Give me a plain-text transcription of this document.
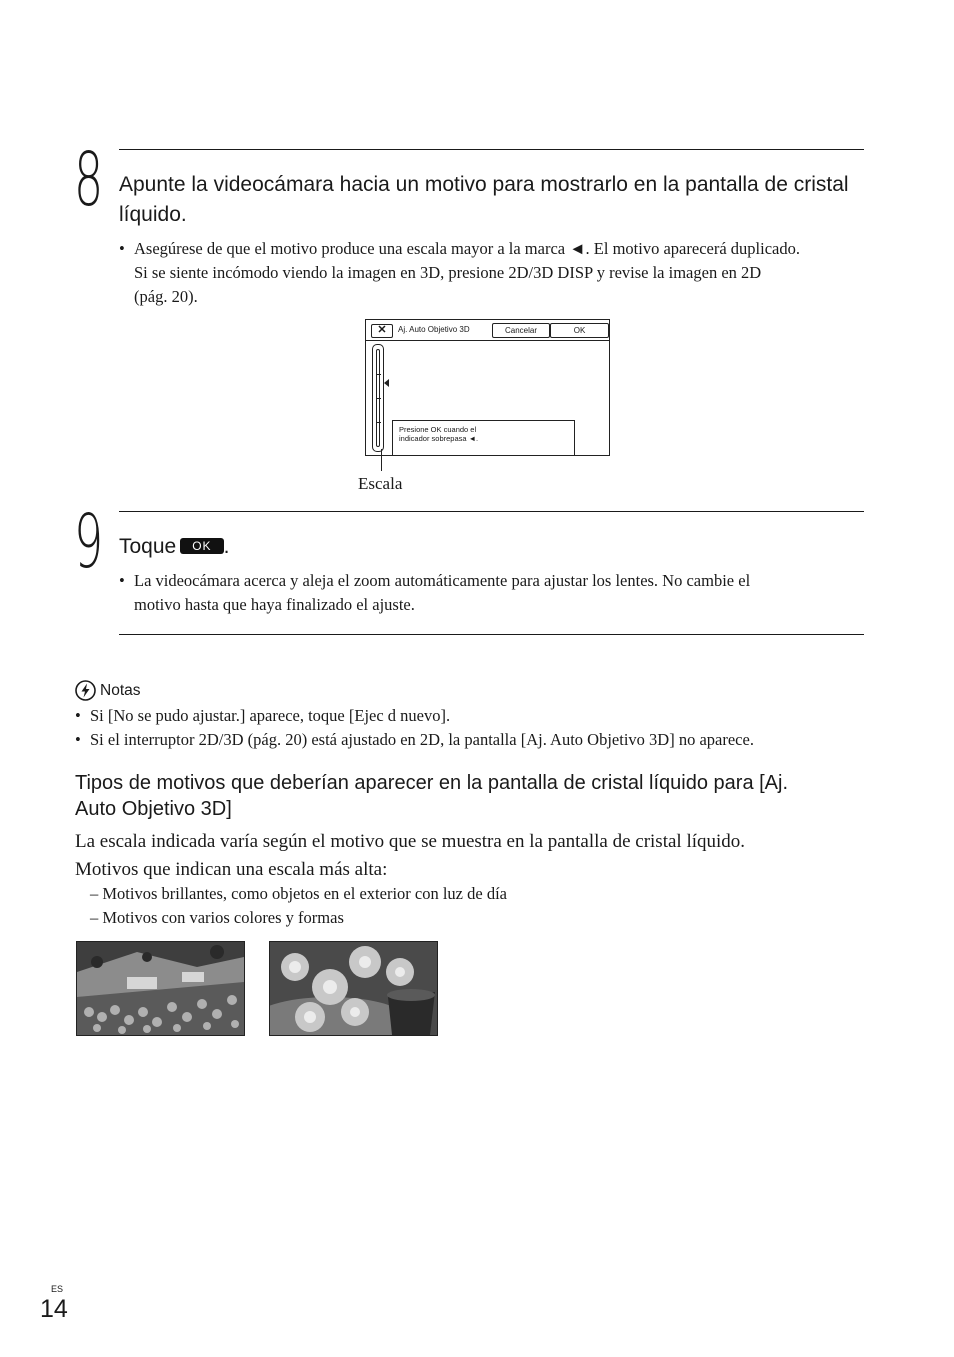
8 Apunte la videocámara hacia un motivo para mostrarlo en la pantalla de cristal líquido.
• Asegúrese de que el motivo produce una escala mayor a la marca ◄. El motivo aparecerá duplicado.
Si se siente incómodo viendo la imagen en 3D, presione 2D/3D DISP y revise la imagen en 2D
(pág. 20).
✕	Aj. Auto Objetivo 3D	Cancelar	OK
Presione OK cuando el
indicador sobrepasa ◄.
Escala
9 Toque OK .
• La videocámara acerca y aleja el zoom automáticamente para ajustar los lentes. No cambie el
motivo hasta que haya finalizado el ajuste.
Notas
• Si [No se pudo ajustar.] aparece, toque [Ejec d nuevo].
• Si el interruptor 2D/3D (pág. 20) está ajustado en 2D, la pantalla [Aj. Auto Objetivo 3D] no aparece.
Tipos de motivos que deberían aparecer en la pantalla de cristal líquido para [Aj.
Auto Objetivo 3D]
La escala indicada varía según el motivo que se muestra en la pantalla de cristal líquido.
Motivos que indican una escala más alta:
– Motivos brillantes, como objetos en el exterior con luz de día
– Motivos con varios colores y formas
ES
14
